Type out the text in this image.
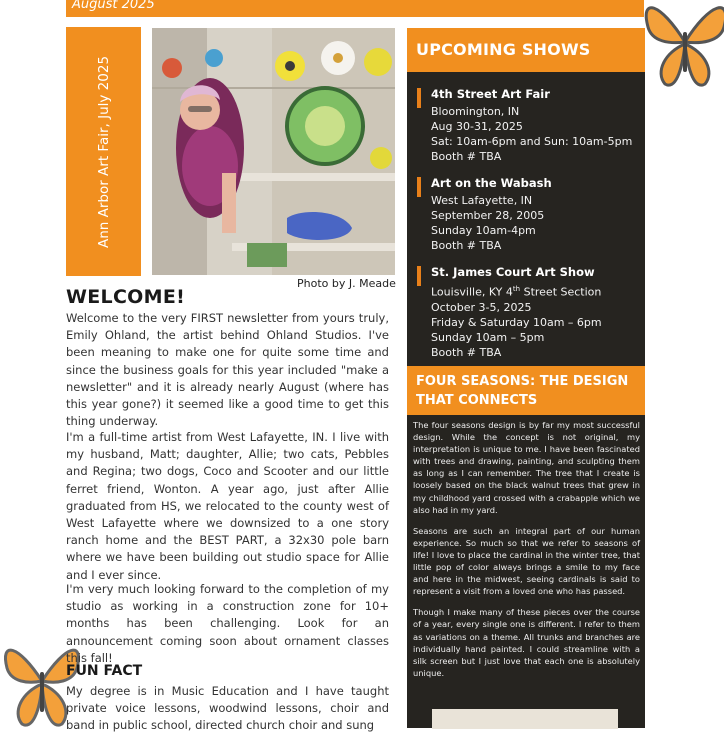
August 2025
Ann Arbor Art Fair, July 2025
Photo by J. Meade
WELCOME!

Welcome to the very FIRST newsletter from yours truly, Emily Ohland, the artist behind Ohland Studios. I've been meaning to make one for quite some time and since the business goals for this year included "make a newsletter" and it is already nearly August (where has this year gone?) it seemed like a good time to get this thing underway.

I'm a full-time artist from West Lafayette, IN. I live with my husband, Matt; daughter, Allie; two cats, Pebbles and Regina; two dogs, Coco and Scooter and our little ferret friend, Wonton. A year ago, just after Allie graduated from HS, we relocated to the county west of West Lafayette where we downsized to a one story ranch home and the BEST PART, a 32x30 pole barn where we have been building out studio space for Allie and I ever since.

I'm very much looking forward to the completion of my studio as working in a construction zone for 10+ months has been challenging. Look for an announcement coming soon about ornament classes this fall!

FUN FACT

My degree is in Music Education and I have taught private voice lessons, woodwind lessons, choir and band in public school, directed church choir and sung

UPCOMING SHOWS
4th Street Art Fair
Bloomington, IN
Aug 30-31, 2025
Sat: 10am-6pm and Sun: 10am-5pm
Booth # TBA
Art on the Wabash
West Lafayette, IN
September 28, 2005
Sunday 10am-4pm
Booth # TBA
St. James Court Art Show
Louisville, KY 4th Street Section
October 3-5, 2025
Friday & Saturday 10am – 6pm
Sunday 10am – 5pm
Booth # TBA
FOUR SEASONS: THE DESIGN THAT CONNECTS

The four seasons design is by far my most successful design. While the concept is not original, my interpretation is unique to me. I have been fascinated with trees and drawing, painting, and sculpting them as long as I can remember. The tree that I create is loosely based on the black walnut trees that grew in my childhood yard crossed with a crabapple which we also had in my yard.

Seasons are such an integral part of our human experience. So much so that we refer to seasons of life! I love to place the cardinal in the winter tree, that little pop of color always brings a smile to my face and here in the midwest, seeing cardinals is said to represent a visit from a loved one who has passed.

Though I make many of these pieces over the course of a year, every single one is different. I refer to them as variations on a theme. All trunks and branches are individually hand painted. I could streamline with a silk screen but I just love that each one is absolutely unique.
